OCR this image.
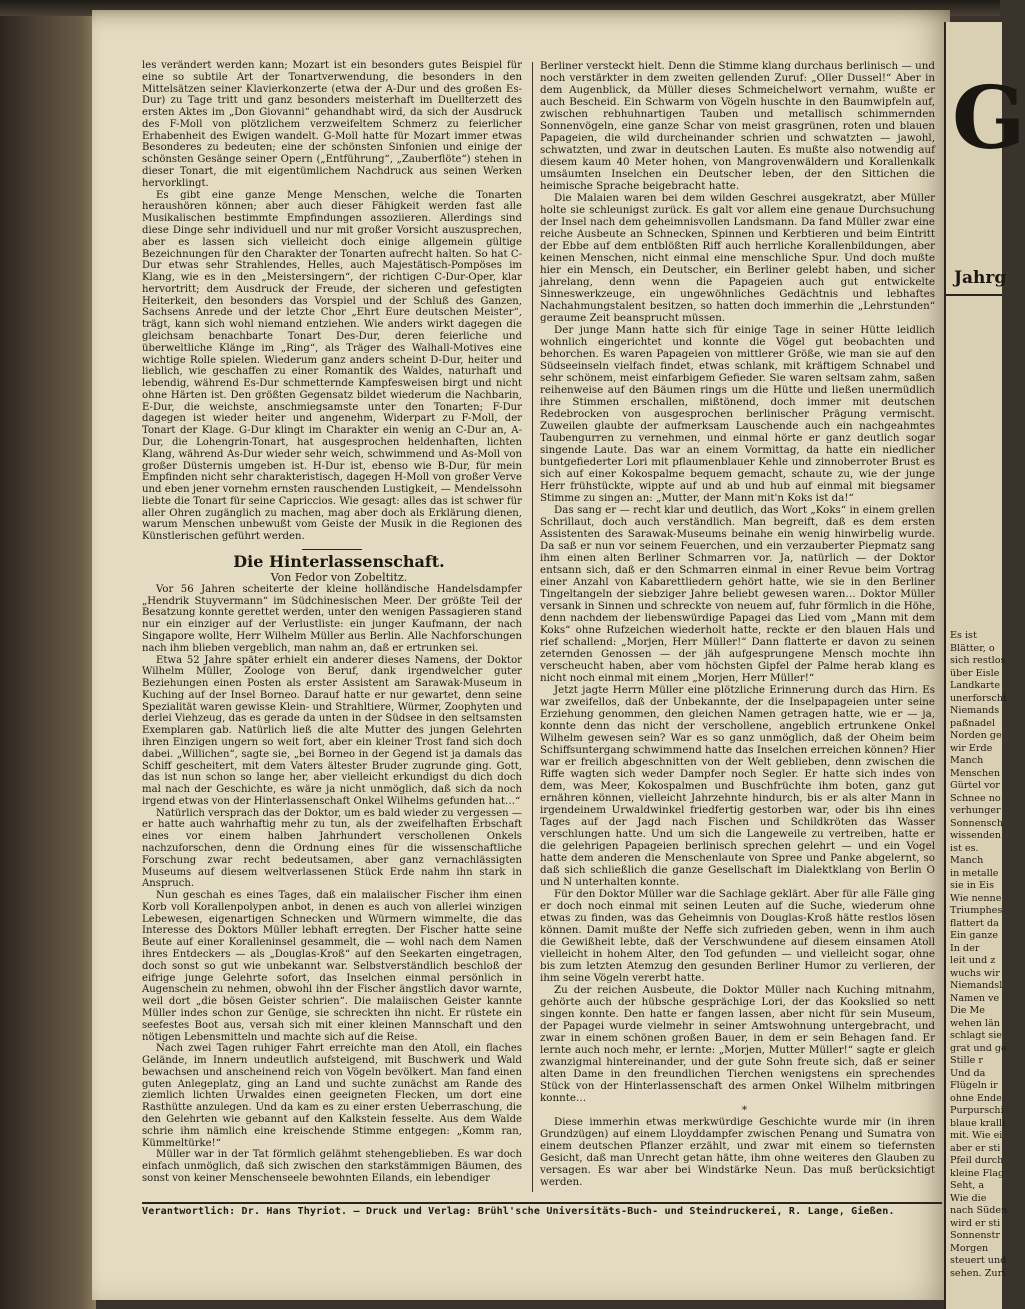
les verändert werden kann; Mozart ist ein besonders gutes Beispiel für eine so subtile Art der Tonartverwendung, die besonders in den Mittelsätzen seiner Klavierkonzerte (etwa der A-Dur und des großen Es-Dur) zu Tage tritt und ganz besonders meisterhaft im Duellterzett des ersten Aktes im „Don Giovanni“ gehandhabt wird, da sich der Ausdruck des F-Moll von plötzlichem verzweifeltem Schmerz zu feierlicher Erhabenheit des Ewigen wandelt. G-Moll hatte für Mozart immer etwas Besonderes zu bedeuten; eine der schönsten Sinfonien und einige der schönsten Gesänge seiner Opern („Entführung“, „Zauberflöte“) stehen in dieser Tonart, die mit eigentümlichem Nachdruck aus seinen Werken hervorklingt.

Es gibt eine ganze Menge Menschen, welche die Tonarten heraushören können; aber auch dieser Fähigkeit werden fast alle Musikalischen bestimmte Empfindungen assoziieren. Allerdings sind diese Dinge sehr individuell und nur mit großer Vorsicht auszusprechen, aber es lassen sich vielleicht doch einige allgemein gültige Bezeichnungen für den Charakter der Tonarten aufrecht halten. So hat C-Dur etwas sehr Strahlendes, Helles, auch Majestätisch-Pompöses im Klang, wie es in den „Meistersingern“, der richtigen C-Dur-Oper, klar hervortritt; dem Ausdruck der Freude, der sicheren und gefestigten Heiterkeit, den besonders das Vorspiel und der Schluß des Ganzen, Sachsens Anrede und der letzte Chor „Ehrt Eure deutschen Meister“, trägt, kann sich wohl niemand entziehen. Wie anders wirkt dagegen die gleichsam benachbarte Tonart Des-Dur, deren feierliche und überweltliche Klänge im „Ring“, als Träger des Walhall-Motives eine wichtige Rolle spielen. Wiederum ganz anders scheint D-Dur, heiter und lieblich, wie geschaffen zu einer Romantik des Waldes, naturhaft und lebendig, während Es-Dur schmetternde Kampfesweisen birgt und nicht ohne Härten ist. Den größten Gegensatz bildet wiederum die Nachbarin, E-Dur, die weichste, anschmiegsamste unter den Tonarten; F-Dur dagegen ist wieder heiter und angenehm, Widerpart zu F-Moll, der Tonart der Klage. G-Dur klingt im Charakter ein wenig an C-Dur an, A-Dur, die Lohengrin-Tonart, hat ausgesprochen heldenhaften, lichten Klang, während As-Dur wieder sehr weich, schwimmend und As-Moll von großer Düsternis umgeben ist. H-Dur ist, ebenso wie B-Dur, für mein Empfinden nicht sehr charakteristisch, dagegen H-Moll von großer Verve und eben jener vornehm ernsten rauschenden Lustigkeit, — Mendelssohn liebte die Tonart für seine Capriccios. Wie gesagt: alles das ist schwer für aller Ohren zugänglich zu machen, mag aber doch als Erklärung dienen, warum Menschen unbewußt vom Geiste der Musik in die Regionen des Künstlerischen geführt werden.

Die Hinterlassenschaft.

Von Fedor von Zobeltitz.

Vor 56 Jahren scheiterte der kleine holländische Handelsdampfer „Hendrik Stuyvermann“ im Südchinesischen Meer. Der größte Teil der Besatzung konnte gerettet werden, unter den wenigen Passagieren stand nur ein einziger auf der Verlustliste: ein junger Kaufmann, der nach Singapore wollte, Herr Wilhelm Müller aus Berlin. Alle Nachforschungen nach ihm blieben vergeblich, man nahm an, daß er ertrunken sei.

Etwa 52 Jahre später erhielt ein anderer dieses Namens, der Doktor Wilhelm Müller, Zoologe von Beruf, dank irgendwelcher guter Beziehungen einen Posten als erster Assistent am Sarawak-Museum in Kuching auf der Insel Borneo. Darauf hatte er nur gewartet, denn seine Spezialität waren gewisse Klein- und Strahltiere, Würmer, Zoophyten und derlei Viehzeug, das es gerade da unten in der Südsee in den seltsamsten Exemplaren gab. Natürlich ließ die alte Mutter des jungen Gelehrten ihren Einzigen ungern so weit fort, aber ein kleiner Trost fand sich doch dabei. „Willichen“, sagte sie, „bei Borneo in der Gegend ist ja damals das Schiff gescheitert, mit dem Vaters ältester Bruder zugrunde ging. Gott, das ist nun schon so lange her, aber vielleicht erkundigst du dich doch mal nach der Geschichte, es wäre ja nicht unmöglich, daß sich da noch irgend etwas von der Hinterlassenschaft Onkel Wilhelms gefunden hat…“

Natürlich versprach das der Doktor, um es bald wieder zu vergessen — er hatte auch wahrhaftig mehr zu tun, als der zweifelhaften Erbschaft eines vor einem halben Jahrhundert verschollenen Onkels nachzuforschen, denn die Ordnung eines für die wissenschaftliche Forschung zwar recht bedeutsamen, aber ganz vernachlässigten Museums auf diesem weltverlassenen Stück Erde nahm ihn stark in Anspruch.

Nun geschah es eines Tages, daß ein malaiischer Fischer ihm einen Korb voll Korallenpolypen anbot, in denen es auch von allerlei winzigen Lebewesen, eigenartigen Schnecken und Würmern wimmelte, die das Interesse des Doktors Müller lebhaft erregten. Der Fischer hatte seine Beute auf einer Koralleninsel gesammelt, die — wohl nach dem Namen ihres Entdeckers — als „Douglas-Kroß“ auf den Seekarten eingetragen, doch sonst so gut wie unbekannt war. Selbstverständlich beschloß der eifrige junge Gelehrte sofort, das Inselchen einmal persönlich in Augenschein zu nehmen, obwohl ihn der Fischer ängstlich davor warnte, weil dort „die bösen Geister schrien“. Die malaiischen Geister kannte Müller indes schon zur Genüge, sie schreckten ihn nicht. Er rüstete ein seefestes Boot aus, versah sich mit einer kleinen Mannschaft und den nötigen Lebensmitteln und machte sich auf die Reise.

Nach zwei Tagen ruhiger Fahrt erreichte man den Atoll, ein flaches Gelände, im Innern undeutlich aufsteigend, mit Buschwerk und Wald bewachsen und anscheinend reich von Vögeln bevölkert. Man fand einen guten Anlegeplatz, ging an Land und suchte zunächst am Rande des ziemlich lichten Urwaldes einen geeigneten Flecken, um dort eine Rasthütte anzulegen. Und da kam es zu einer ersten Ueberraschung, die den Gelehrten wie gebannt auf den Kalkstein fesselte. Aus dem Walde schrie ihm nämlich eine kreischende Stimme entgegen: „Komm ran, Kümmeltürke!“

Müller war in der Tat förmlich gelähmt stehengeblieben. Es war doch einfach unmöglich, daß sich zwischen den starkstämmigen Bäumen, des sonst von keiner Menschenseele bewohnten Eilands, ein lebendiger

Berliner versteckt hielt. Denn die Stimme klang durchaus berlinisch — und noch verstärkter in dem zweiten gellenden Zuruf: „Oller Dussel!“ Aber in dem Augenblick, da Müller dieses Schmeichelwort vernahm, wußte er auch Bescheid. Ein Schwarm von Vögeln huschte in den Baumwipfeln auf, zwischen rebhuhnartigen Tauben und metallisch schimmernden Sonnenvögeln, eine ganze Schar von meist grasgrünen, roten und blauen Papageien, die wild durcheinander schrien und schwatzten — jawohl, schwatzten, und zwar in deutschen Lauten. Es mußte also notwendig auf diesem kaum 40 Meter hohen, von Mangrovenwäldern und Korallenkalk umsäumten Inselchen ein Deutscher leben, der den Sittichen die heimische Sprache beigebracht hatte.

Die Malaien waren bei dem wilden Geschrei ausgekratzt, aber Müller holte sie schleunigst zurück. Es galt vor allem eine genaue Durchsuchung der Insel nach dem geheimnisvollen Landsmann. Da fand Müller zwar eine reiche Ausbeute an Schnecken, Spinnen und Kerbtieren und beim Eintritt der Ebbe auf dem entblößten Riff auch herrliche Korallenbildungen, aber keinen Menschen, nicht einmal eine menschliche Spur. Und doch mußte hier ein Mensch, ein Deutscher, ein Berliner gelebt haben, und sicher jahrelang, denn wenn die Papageien auch gut entwickelte Sinneswerkzeuge, ein ungewöhnliches Gedächtnis und lebhaftes Nachahmungstalent besitzen, so hatten doch immerhin die „Lehrstunden“ geraume Zeit beansprucht müssen.

Der junge Mann hatte sich für einige Tage in seiner Hütte leidlich wohnlich eingerichtet und konnte die Vögel gut beobachten und behorchen. Es waren Papageien von mittlerer Größe, wie man sie auf den Südseeinseln vielfach findet, etwas schlank, mit kräftigem Schnabel und sehr schönem, meist einfarbigem Gefieder. Sie waren seltsam zahm, saßen reihenweise auf den Bäumen rings um die Hütte und ließen unermüdlich ihre Stimmen erschallen, mißtönend, doch immer mit deutschen Redebrocken von ausgesprochen berlinischer Prägung vermischt. Zuweilen glaubte der aufmerksam Lauschende auch ein nachgeahmtes Taubengurren zu vernehmen, und einmal hörte er ganz deutlich sogar singende Laute. Das war an einem Vormittag, da hatte ein niedlicher buntgefiederter Lori mit pflaumenblauer Kehle und zinnoberroter Brust es sich auf einer Kokospalme bequem gemacht, schaute zu, wie der junge Herr frühstückte, wippte auf und ab und hub auf einmal mit biegsamer Stimme zu singen an: „Mutter, der Mann mit'n Koks ist da!“

Das sang er — recht klar und deutlich, das Wort „Koks“ in einem grellen Schrillaut, doch auch verständlich. Man begreift, daß es dem ersten Assistenten des Sarawak-Museums beinahe ein wenig hinwirbelig wurde. Da saß er nun vor seinem Feuerchen, und ein verzauberter Piepmatz sang ihm einen alten Berliner Schmarren vor. Ja, natürlich — der Doktor entsann sich, daß er den Schmarren einmal in einer Revue beim Vortrag einer Anzahl von Kabarettliedern gehört hatte, wie sie in den Berliner Tingeltangeln der siebziger Jahre beliebt gewesen waren… Doktor Müller versank in Sinnen und schreckte von neuem auf, fuhr förmlich in die Höhe, denn nachdem der liebenswürdige Papagei das Lied vom „Mann mit dem Koks“ ohne Rufzeichen wiederholt hatte, reckte er den blauen Hals und rief schallend: „Morjen, Herr Müller!“ Dann flatterte er davon zu seinen zeternden Genossen — der jäh aufgesprungene Mensch mochte ihn verscheucht haben, aber vom höchsten Gipfel der Palme herab klang es nicht noch einmal mit einem „Morjen, Herr Müller!“

Jetzt jagte Herrn Müller eine plötzliche Erinnerung durch das Hirn. Es war zweifellos, daß der Unbekannte, der die Inselpapageien unter seine Erziehung genommen, den gleichen Namen getragen hatte, wie er — ja, konnte denn das nicht der verschollene, angeblich ertrunkene Onkel Wilhelm gewesen sein? War es so ganz unmöglich, daß der Oheim beim Schiffsuntergang schwimmend hatte das Inselchen erreichen können? Hier war er freilich abgeschnitten von der Welt geblieben, denn zwischen die Riffe wagten sich weder Dampfer noch Segler. Er hatte sich indes von dem, was Meer, Kokospalmen und Buschfrüchte ihm boten, ganz gut ernähren können, vielleicht Jahrzehnte hindurch, bis er als alter Mann in irgendeinem Urwaldwinkel friedfertig gestorben war, oder bis ihn eines Tages auf der Jagd nach Fischen und Schildkröten das Wasser verschlungen hatte. Und um sich die Langeweile zu vertreiben, hatte er die gelehrigen Papageien berlinisch sprechen gelehrt — und ein Vogel hatte dem anderen die Menschenlaute von Spree und Panke abgelernt, so daß sich schließlich die ganze Gesellschaft im Dialektklang von Berlin O und N unterhalten konnte.

Für den Doktor Müller war die Sachlage geklärt. Aber für alle Fälle ging er doch noch einmal mit seinen Leuten auf die Suche, wiederum ohne etwas zu finden, was das Geheimnis von Douglas-Kroß hätte restlos lösen können. Damit mußte der Neffe sich zufrieden geben, wenn in ihm auch die Gewißheit lebte, daß der Verschwundene auf diesem einsamen Atoll vielleicht in hohem Alter, den Tod gefunden — und vielleicht sogar, ohne bis zum letzten Atemzug den gesunden Berliner Humor zu verlieren, der ihm seine Vögeln vererbt hatte.

Zu der reichen Ausbeute, die Doktor Müller nach Kuching mitnahm, gehörte auch der hübsche gesprächige Lori, der das Kookslied so nett singen konnte. Den hatte er fangen lassen, aber nicht für sein Museum, der Papagei wurde vielmehr in seiner Amtswohnung untergebracht, und zwar in einem schönen großen Bauer, in dem er sein Behagen fand. Er lernte auch noch mehr, er lernte: „Morjen, Mutter Müller!“ sagte er gleich zwanzigmal hintereinander, und der gute Sohn freute sich, daß er seiner alten Dame in den freundlichen Tierchen wenigstens ein sprechendes Stück von der Hinterlassenschaft des armen Onkel Wilhelm mitbringen konnte…

*

Diese immerhin etwas merkwürdige Geschichte wurde mir (in ihren Grundzügen) auf einem Lloyddampfer zwischen Penang und Sumatra von einem deutschen Pflanzer erzählt, und zwar mit einem so tiefernsten Gesicht, daß man Unrecht getan hätte, ihm ohne weiteres den Glauben zu versagen. Es war aber bei Windstärke Neun. Das muß berücksichtigt werden.

Verantwortlich: Dr. Hans Thyriot. — Druck und Verlag: Brühl'sche Universitäts-Buch- und Steindruckerei, R. Lange, Gießen.
G
Jahrg
Es ist
Blätter, o
sich restlos
über Eisle
Landkarte
unerforscht
Niemands
paßnadel
Norden ge
wir Erde
Manch
Menschen
Gürtel vor
Schnee no
verhunger
Sonnensch
wissenden
ist es.
Manch
in metalle
sie in Eis
Wie nenne
Triumphes
flattert da
Ein ganze
In der
leit und z
wuchs wir
Niemandsl
Namen ve
Die Me
wehen län
schlagt sie
grat und ge
Stille r
Und da
Flügeln ir
ohne Ende.
Purpurschi
blaue kralli
mit. Wie ei
aber er sti
Pfeil durch
kleine Flag
Seht, a
Wie die
nach Süden
wird er sti
Sonnenstr
Morgen
steuert und
sehen. Zuri
